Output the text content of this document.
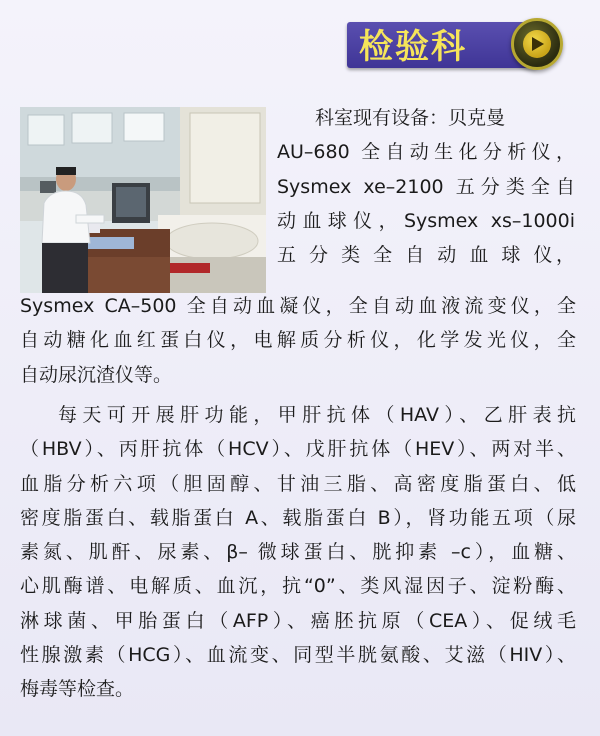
检验科
科室现有设备：贝克曼
AU–680 全自动生化分析仪，
Sysmex xe–2100 五分类全自
动血球仪，Sysmex xs–1000i
五 分 类 全 自 动 血 球 仪，
Sysmex CA–500 全自动血凝仪，全自动血液流变仪，全
自动糖化血红蛋白仪，电解质分析仪，化学发光仪，全
自动尿沉渣仪等。
每天可开展肝功能，甲肝抗体（HAV）、乙肝表抗
（HBV）、丙肝抗体（HCV）、戊肝抗体（HEV）、两对半、
血脂分析六项（胆固醇、甘油三脂、高密度脂蛋白、低
密度脂蛋白、载脂蛋白 A、载脂蛋白 B），肾功能五项（尿
素氮、肌酐、尿素、β– 微球蛋白、胱抑素 –c），血糖、
心肌酶谱、电解质、血沉，抗“0”、类风湿因子、淀粉酶、
淋球菌、甲胎蛋白（AFP）、癌胚抗原（CEA）、促绒毛
性腺激素（HCG）、血流变、同型半胱氨酸、艾滋（HIV）、
梅毒等检查。
